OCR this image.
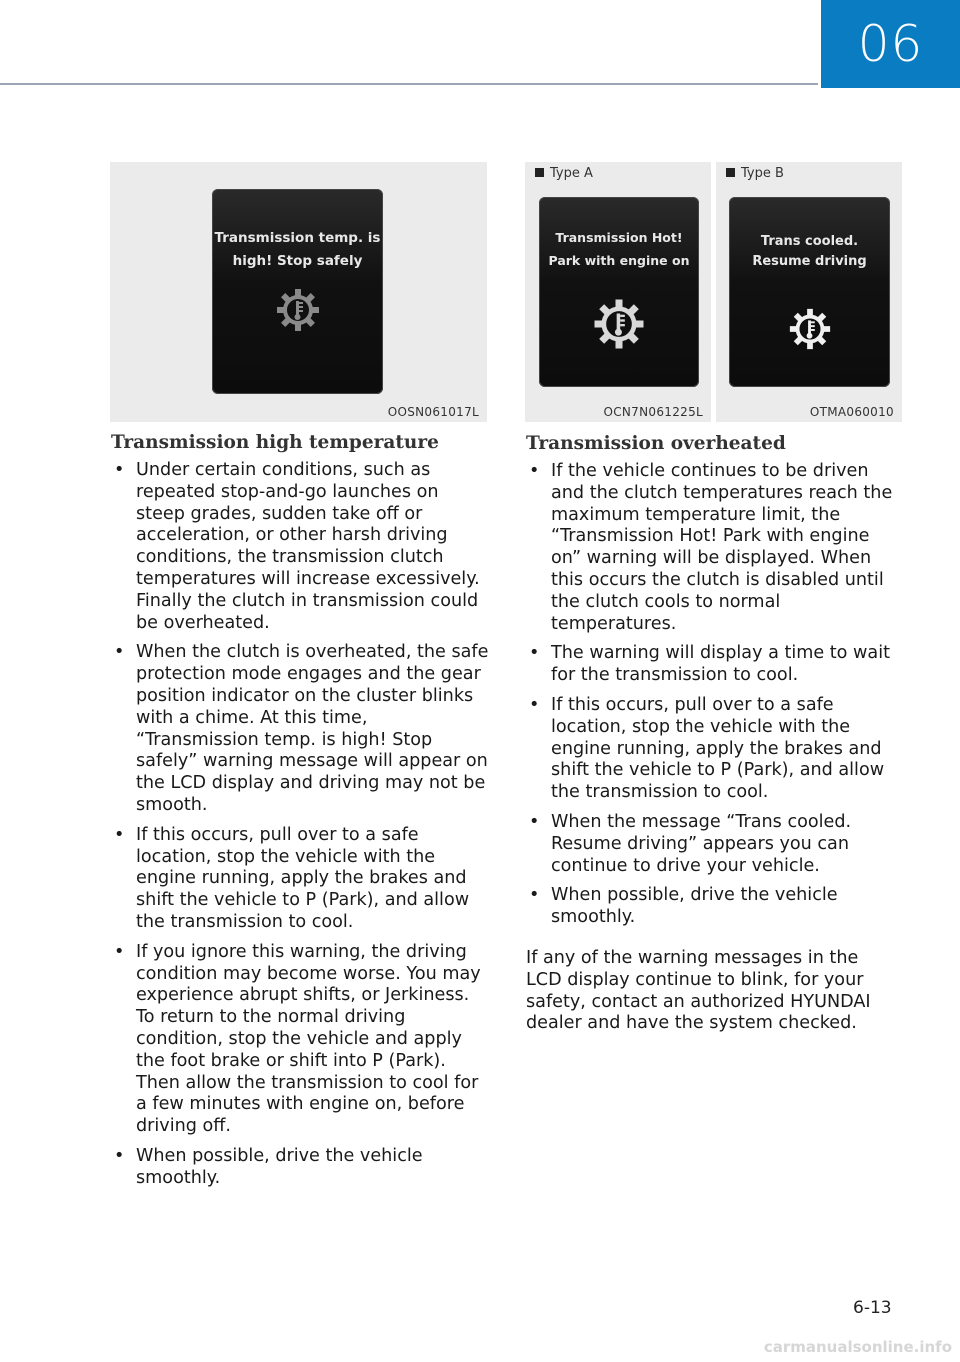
06
Transmission temp. is
high! Stop safely
OOSN061017L
Type A
Transmission Hot!
Park with engine on
OCN7N061225L
Type B
Trans cooled.
Resume driving
OTMA060010
Transmission high temperature
• Under certain conditions, such as repeated stop-and-go launches on steep grades, sudden take off or acceleration, or other harsh driving conditions, the transmission clutch temperatures will increase excessively. Finally the clutch in transmission could be overheated.
• When the clutch is overheated, the safe protection mode engages and the gear position indicator on the cluster blinks with a chime. At this time, “Transmission temp. is high! Stop safely” warning message will appear on the LCD display and driving may not be smooth.
• If this occurs, pull over to a safe location, stop the vehicle with the engine running, apply the brakes and shift the vehicle to P (Park), and allow the transmission to cool.
• If you ignore this warning, the driving condition may become worse. You may experience abrupt shifts, or Jerkiness. To return to the normal driving condition, stop the vehicle and apply the foot brake or shift into P (Park). Then allow the transmission to cool for a few minutes with engine on, before driving off.
• When possible, drive the vehicle smoothly.
Transmission overheated
• If the vehicle continues to be driven and the clutch temperatures reach the maximum temperature limit, the “Transmission Hot! Park with engine on” warning will be displayed. When this occurs the clutch is disabled until the clutch cools to normal temperatures.
• The warning will display a time to wait for the transmission to cool.
• If this occurs, pull over to a safe location, stop the vehicle with the engine running, apply the brakes and shift the vehicle to P (Park), and allow the transmission to cool.
• When the message “Trans cooled. Resume driving” appears you can continue to drive your vehicle.
• When possible, drive the vehicle smoothly.

If any of the warning messages in the LCD display continue to blink, for your safety, contact an authorized HYUNDAI dealer and have the system checked.

6-13
carmanualsonline.info
